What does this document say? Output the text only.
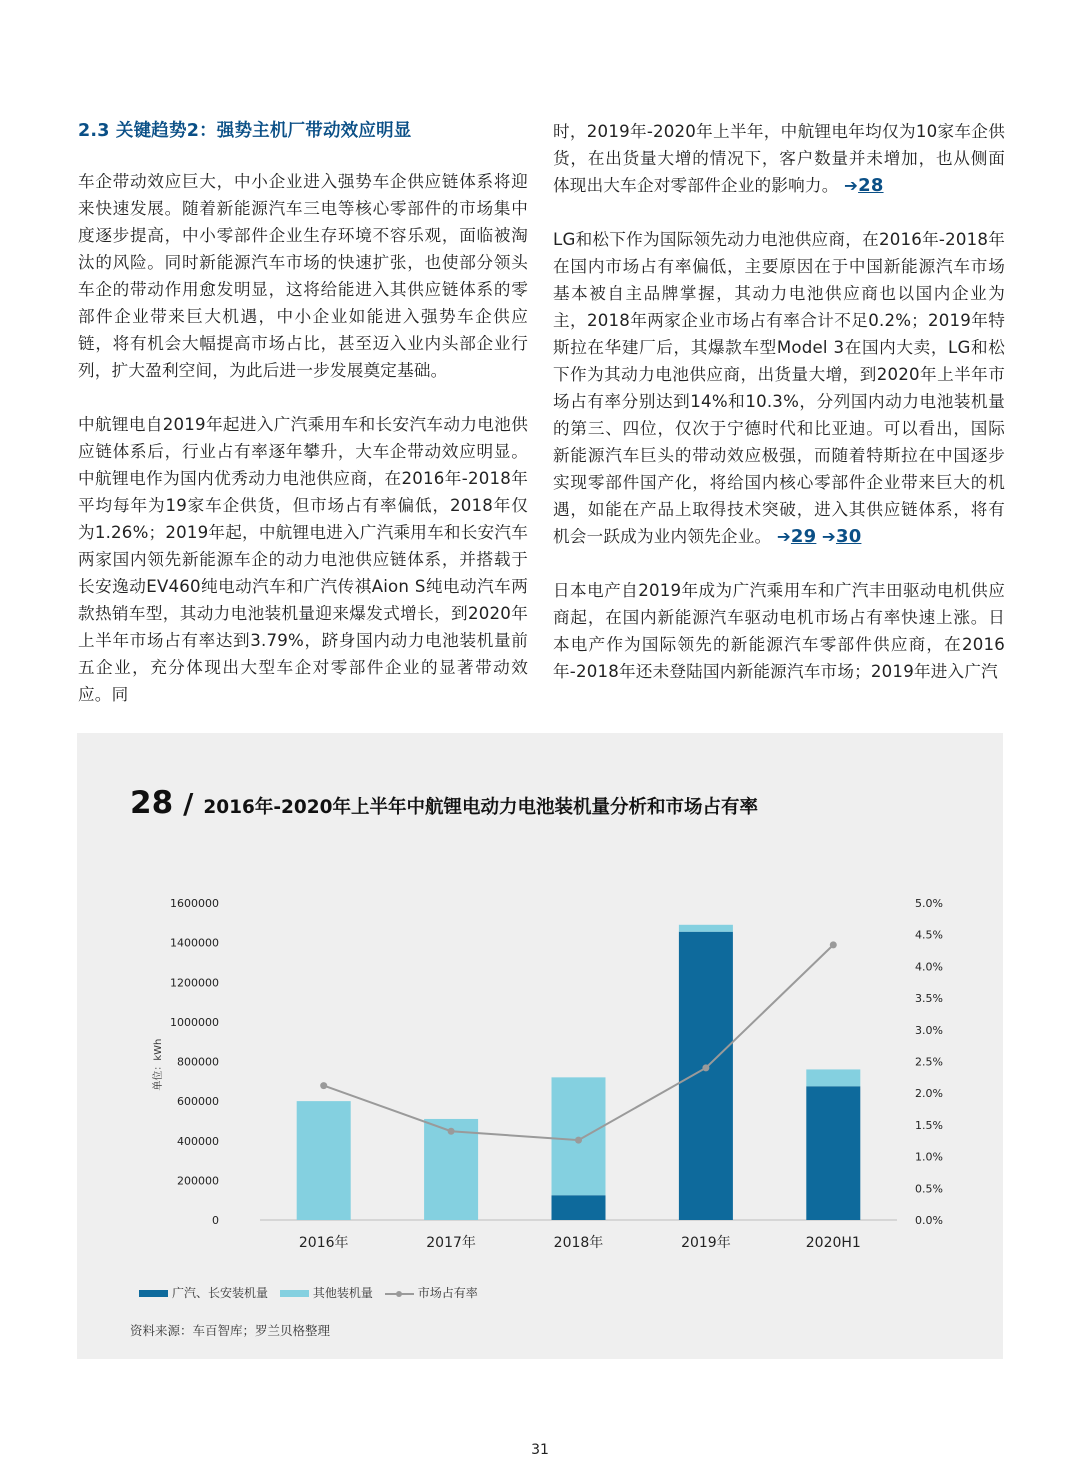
2.3 关键趋势2：强势主机厂带动效应明显

车企带动效应巨大，中小企业进入强势车企供应链体系将迎来快速发展。随着新能源汽车三电等核心零部件的市场集中度逐步提高，中小零部件企业生存环境不容乐观，面临被淘汰的风险。同时新能源汽车市场的快速扩张，也使部分领头车企的带动作用愈发明显，这将给能进入其供应链体系的零部件企业带来巨大机遇，中小企业如能进入强势车企供应链，将有机会大幅提高市场占比，甚至迈入业内头部企业行列，扩大盈利空间，为此后进一步发展奠定基础。

中航锂电自2019年起进入广汽乘用车和长安汽车动力电池供应链体系后，行业占有率逐年攀升，大车企带动效应明显。中航锂电作为国内优秀动力电池供应商，在2016年-2018年平均每年为19家车企供货，但市场占有率偏低，2018年仅为1.26%；2019年起，中航锂电进入广汽乘用车和长安汽车两家国内领先新能源车企的动力电池供应链体系，并搭载于长安逸动EV460纯电动汽车和广汽传祺Aion S纯电动汽车两款热销车型，其动力电池装机量迎来爆发式增长，到2020年上半年市场占有率达到3.79%，跻身国内动力电池装机量前五企业，充分体现出大型车企对零部件企业的显著带动效应。同

时，2019年-2020年上半年，中航锂电年均仅为10家车企供货，在出货量大增的情况下，客户数量并未增加，也从侧面体现出大车企对零部件企业的影响力。 ➔28

LG和松下作为国际领先动力电池供应商，在2016年-2018年在国内市场占有率偏低，主要原因在于中国新能源汽车市场基本被自主品牌掌握，其动力电池供应商也以国内企业为主，2018年两家企业市场占有率合计不足0.2%；2019年特斯拉在华建厂后，其爆款车型Model 3在国内大卖，LG和松下作为其动力电池供应商，出货量大增，到2020年上半年市场占有率分别达到14%和10.3%，分列国内动力电池装机量的第三、四位，仅次于宁德时代和比亚迪。可以看出，国际新能源汽车巨头的带动效应极强，而随着特斯拉在中国逐步实现零部件国产化，将给国内核心零部件企业带来巨大的机遇，如能在产品上取得技术突破，进入其供应链体系，将有机会一跃成为业内领先企业。 ➔29 ➔30

日本电产自2019年成为广汽乘用车和广汽丰田驱动电机供应商起，在国内新能源汽车驱动电机市场占有率快速上涨。日本电产作为国际领先的新能源汽车零部件供应商，在2016年-2018年还未登陆国内新能源汽车市场；2019年进入广汽

28 / 2016年-2020年上半年中航锂电动力电池装机量分析和市场占有率
1600000
1400000
1200000
1000000
800000
600000
400000
200000
0
5.0%
4.5%
4.0%
3.5%
3.0%
2.5%
2.0%
1.5%
1.0%
0.5%
0.0%
单位：kWh
2016年	2017年	2018年	2019年	2020H1
广汽、长安装机量	其他装机量	市场占有率
资料来源：车百智库；罗兰贝格整理
31
